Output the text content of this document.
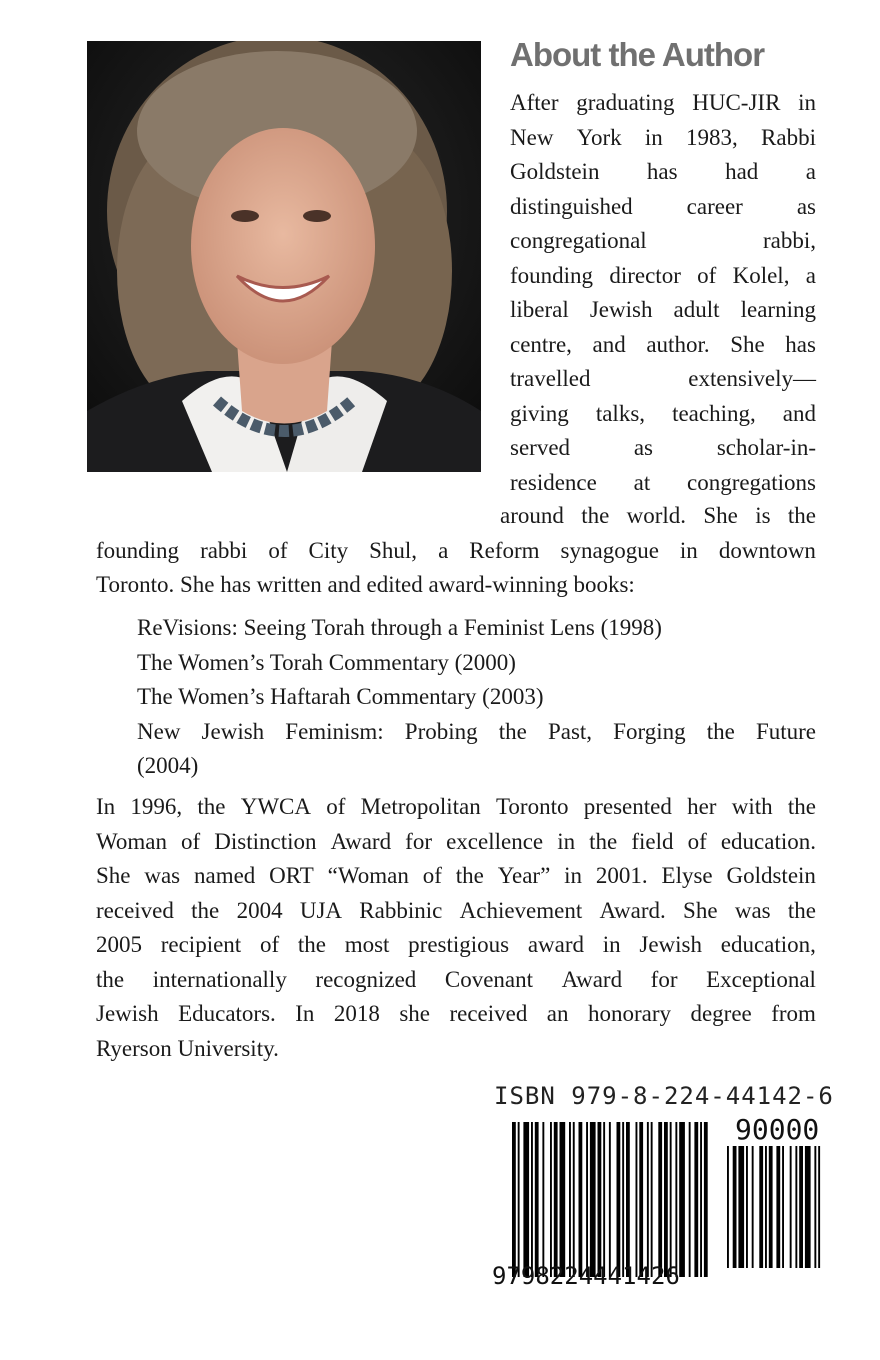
About the Author
After graduating HUC-JIR in
New York in 1983, Rabbi
Goldstein has had a
distinguished career as
congregational	rabbi,
founding director of Kolel, a
liberal Jewish adult learning
centre, and author. She has
travelled	extensively—
giving talks, teaching, and
served	as	scholar-in-
residence at congregations
around the world. She is the
founding rabbi of City Shul, a Reform synagogue in downtown
Toronto. She has written and edited award-winning books:
ReVisions: Seeing Torah through a Feminist Lens (1998)
The Women’s Torah Commentary (2000)
The Women’s Haftarah Commentary (2003)
New Jewish Feminism: Probing the Past, Forging the Future
(2004)
In 1996, the YWCA of Metropolitan Toronto presented her with the
Woman of Distinction Award for excellence in the field of education.
She was named ORT “Woman of the Year” in 2001. Elyse Goldstein
received the 2004 UJA Rabbinic Achievement Award. She was the
2005 recipient of the most prestigious award in Jewish education,
the internationally recognized Covenant Award for Exceptional
Jewish Educators. In 2018 she received an honorary degree from
Ryerson University.
ISBN 979-8-224-44142-6
9798224441426
90000
